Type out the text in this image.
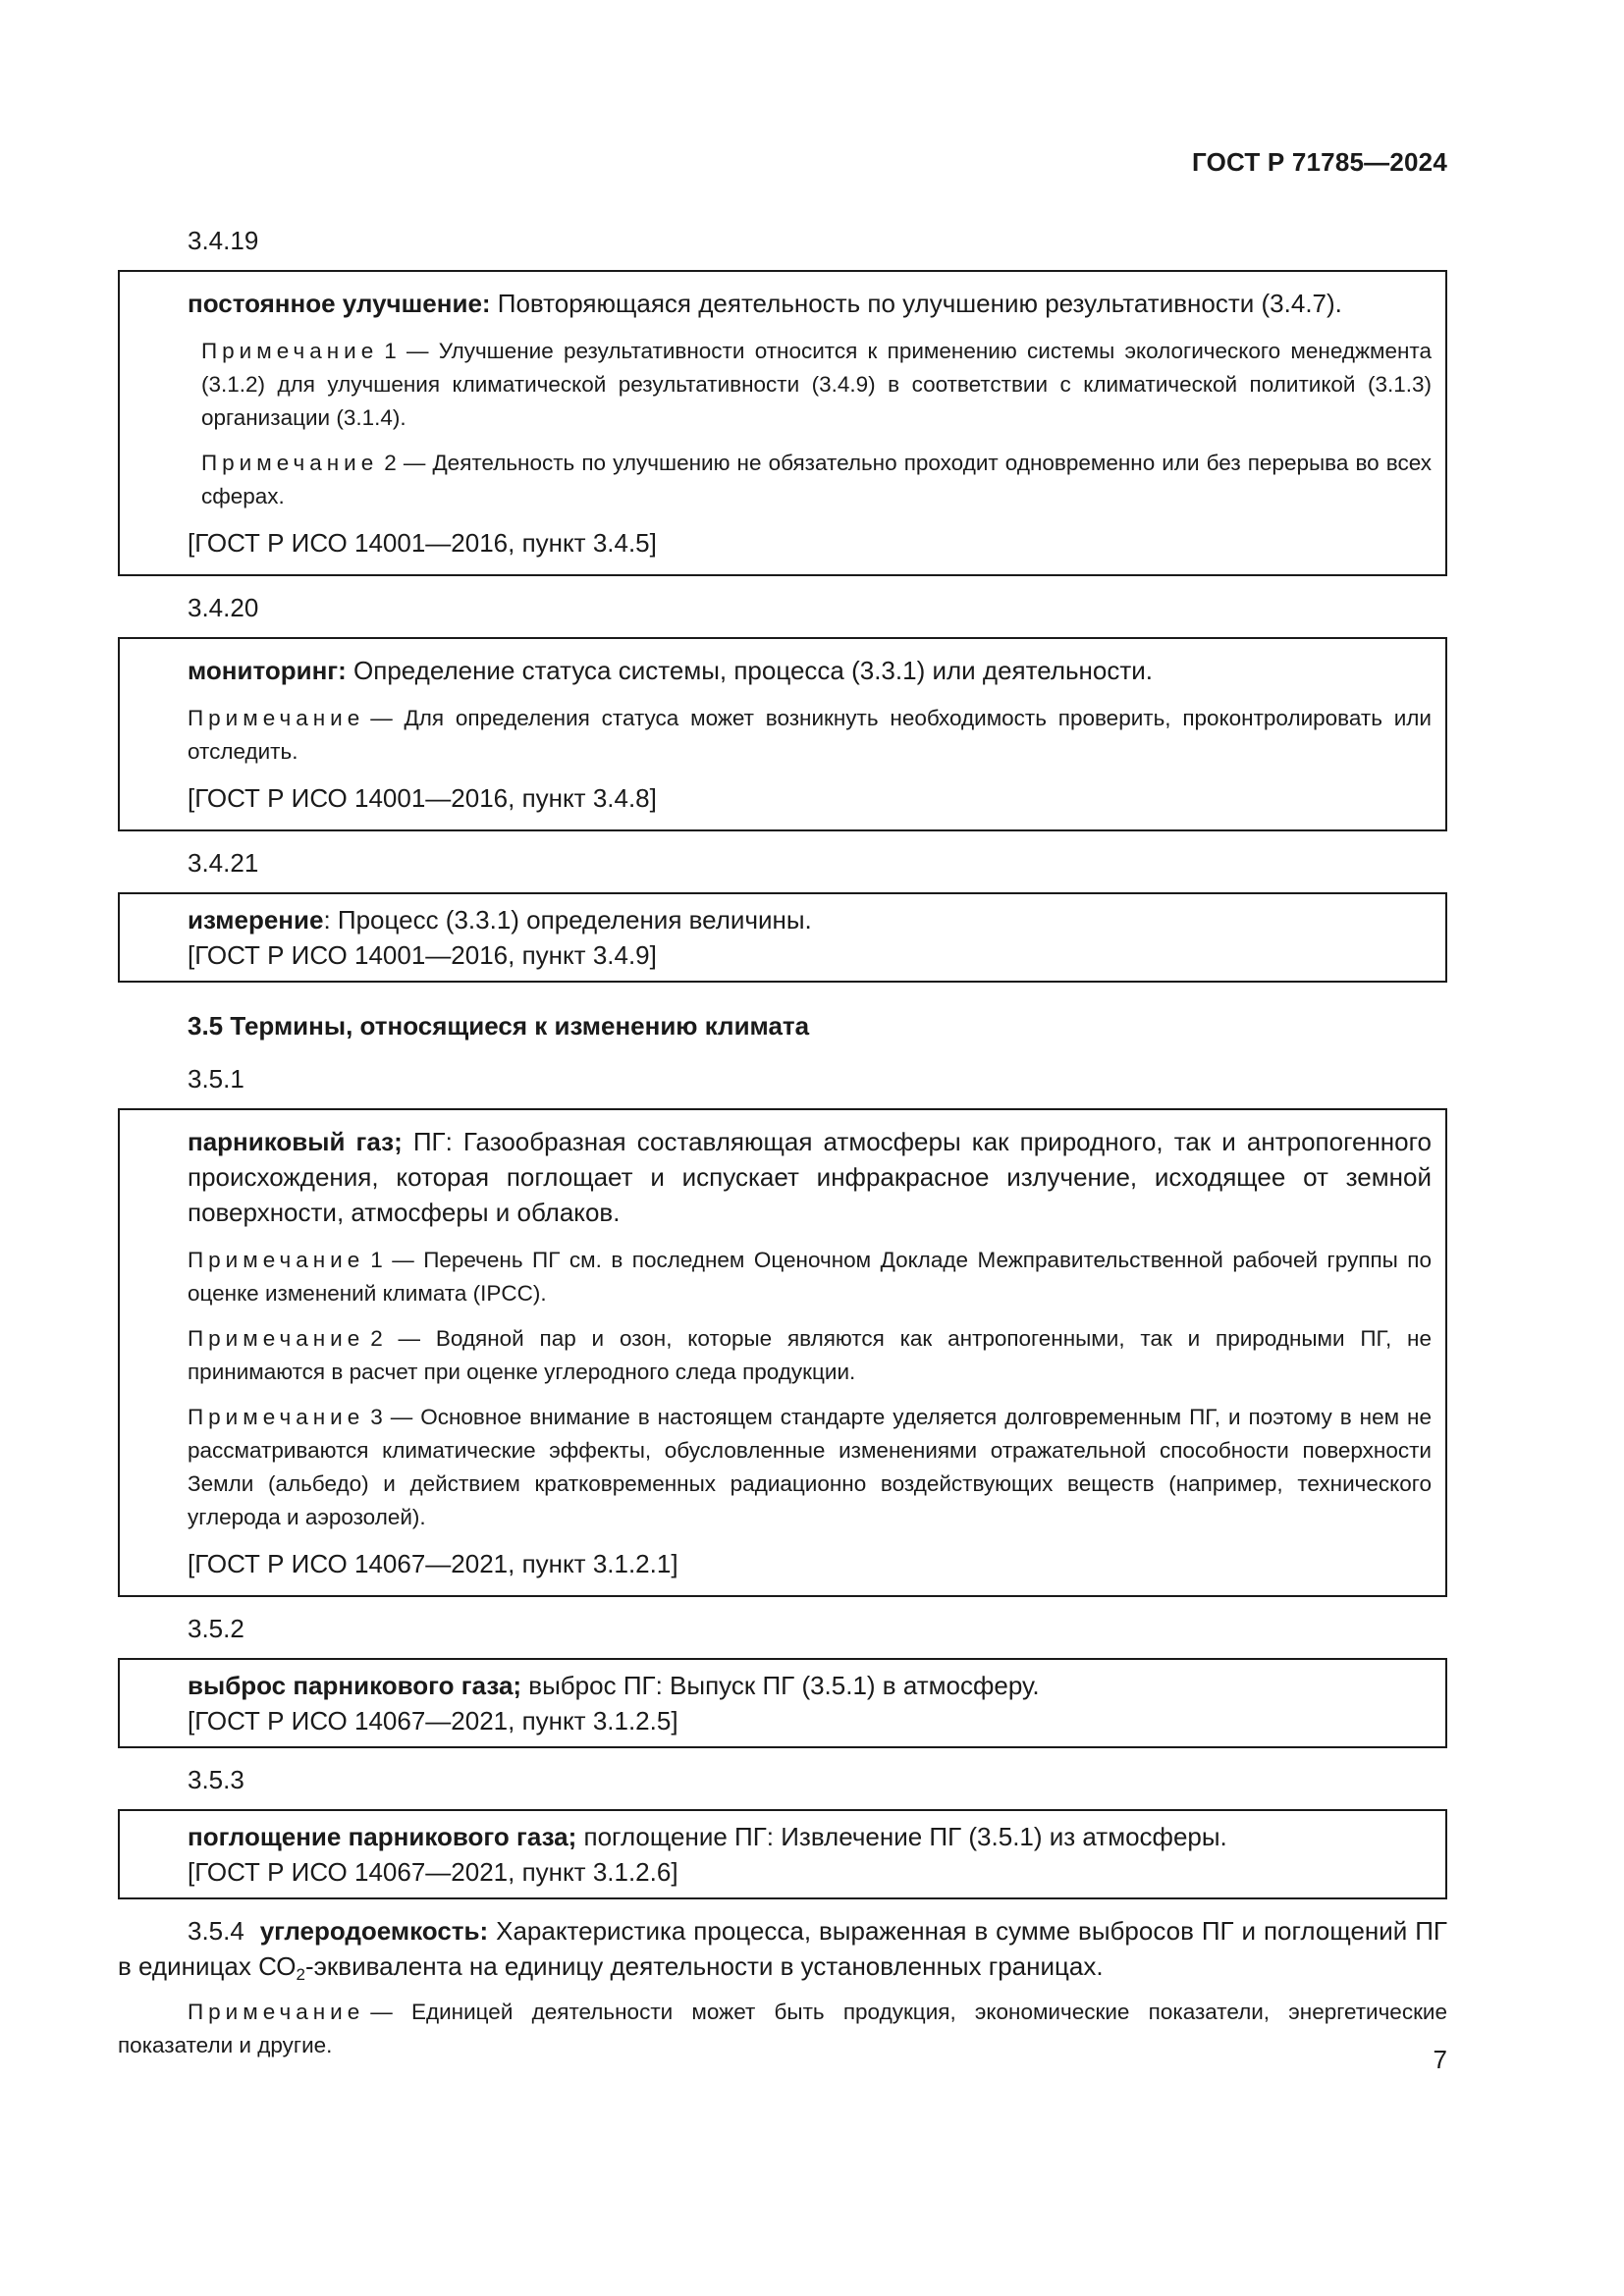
ГОСТ Р 71785—2024
3.4.19

постоянное улучшение: Повторяющаяся деятельность по улучшению результативности (3.4.7).

Примечание 1 — Улучшение результативности относится к применению системы экологического менеджмента (3.1.2) для улучшения климатической результативности (3.4.9) в соответствии с климатической политикой (3.1.3) организации (3.1.4).

Примечание 2 — Деятельность по улучшению не обязательно проходит одновременно или без перерыва во всех сферах.

[ГОСТ Р ИСО 14001—2016, пункт 3.4.5]

3.4.20

мониторинг: Определение статуса системы, процесса (3.3.1) или деятельности.

Примечание — Для определения статуса может возникнуть необходимость проверить, проконтролировать или отследить.

[ГОСТ Р ИСО 14001—2016, пункт 3.4.8]

3.4.21

измерение: Процесс (3.3.1) определения величины.

[ГОСТ Р ИСО 14001—2016, пункт 3.4.9]

3.5 Термины, относящиеся к изменению климата
3.5.1

парниковый газ; ПГ: Газообразная составляющая атмосферы как природного, так и антропогенного происхождения, которая поглощает и испускает инфракрасное излучение, исходящее от земной поверхности, атмосферы и облаков.

Примечание 1 — Перечень ПГ см. в последнем Оценочном Докладе Межправительственной рабочей группы по оценке изменений климата (IPCC).

Примечание 2 — Водяной пар и озон, которые являются как антропогенными, так и природными ПГ, не принимаются в расчет при оценке углеродного следа продукции.

Примечание 3 — Основное внимание в настоящем стандарте уделяется долговременным ПГ, и поэтому в нем не рассматриваются климатические эффекты, обусловленные изменениями отражательной способности поверхности Земли (альбедо) и действием кратковременных радиационно воздействующих веществ (например, технического углерода и аэрозолей).

[ГОСТ Р ИСО 14067—2021, пункт 3.1.2.1]

3.5.2

выброс парникового газа; выброс ПГ: Выпуск ПГ (3.5.1) в атмосферу.

[ГОСТ Р ИСО 14067—2021, пункт 3.1.2.5]

3.5.3

поглощение парникового газа; поглощение ПГ: Извлечение ПГ (3.5.1) из атмосферы.

[ГОСТ Р ИСО 14067—2021, пункт 3.1.2.6]

3.5.4 углеродоемкость: Характеристика процесса, выраженная в сумме выбросов ПГ и поглощений ПГ в единицах $СО_2$-эквивалента на единицу деятельности в установленных границах.

Примечание — Единицей деятельности может быть продукция, экономические показатели, энергетические показатели и другие.	7
